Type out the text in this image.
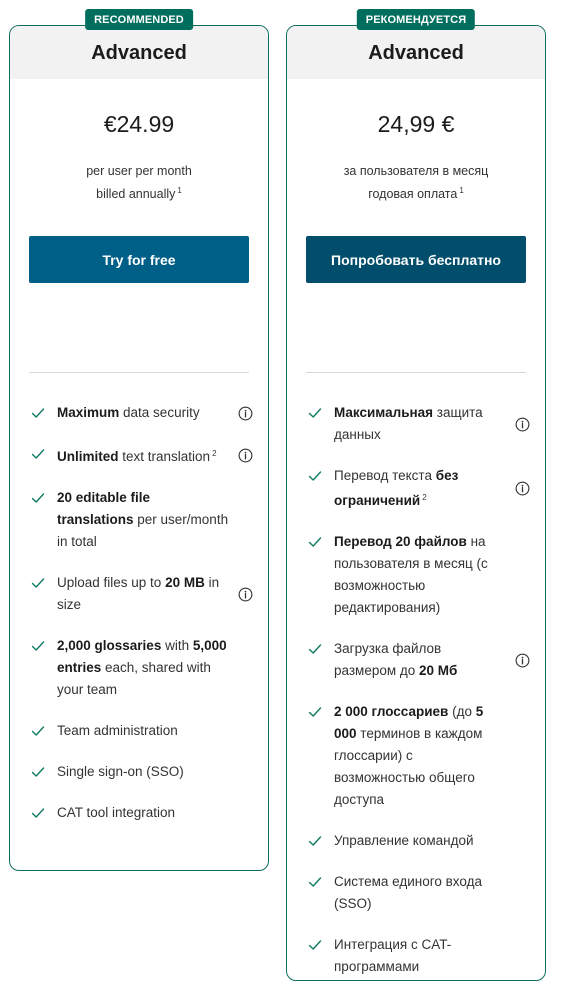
RECOMMENDED
Advanced
€24.99
per user per month
billed annually $^1$
Try for free
Maximum data security
Unlimited text translation $^2$
20 editable file translations per user/month in total
Upload files up to 20 MB in size
2,000 glossaries with 5,000 entries each, shared with your team
Team administration
Single sign-on (SSO)
CAT tool integration
РЕКОМЕНДУЕТСЯ
Advanced
24,99 €
за пользователя в месяц
годовая оплата $^1$
Попробовать бесплатно
Максимальная защита данных
Перевод текста без ограничений $^2$
Перевод 20 файлов на пользователя в месяц (с возможностью редактирования)
Загрузка файлов размером до 20 Мб
2 000 глоссариев (до 5 000 терминов в каждом глоссарии) с возможностью общего доступа
Управление командой
Система единого входа (SSO)
Интеграция с CAT-программами
